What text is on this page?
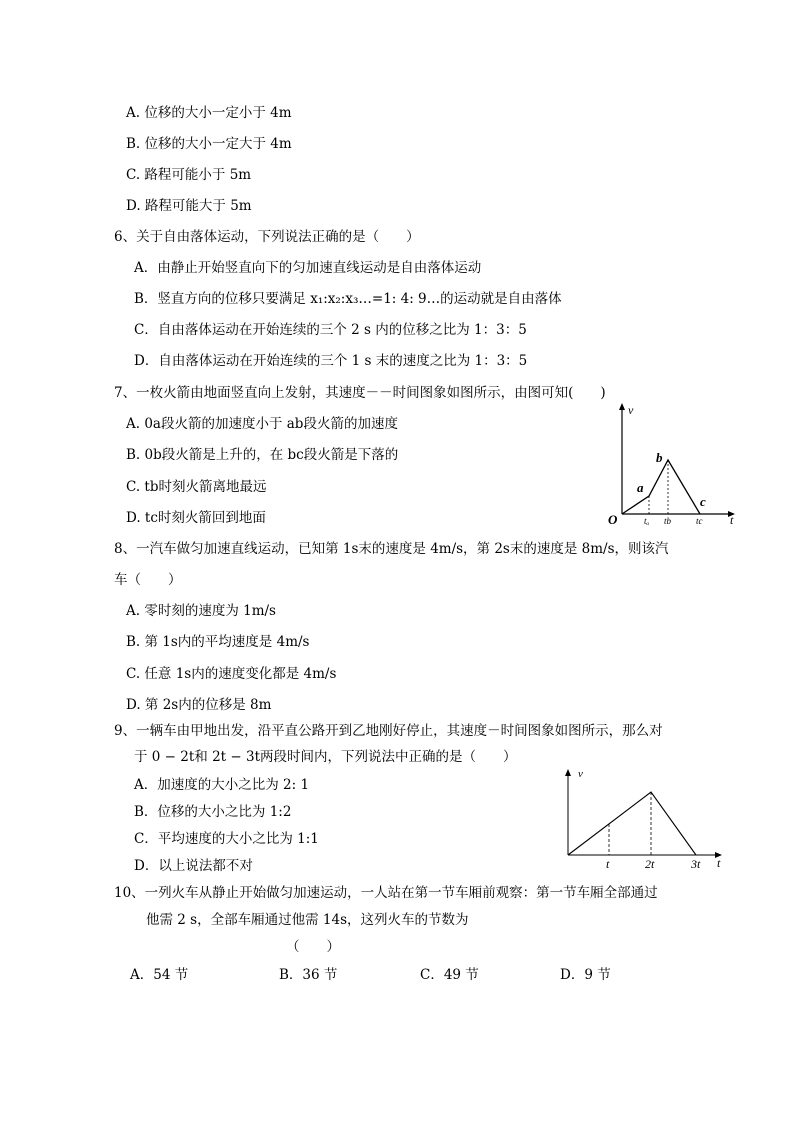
A. 位移的大小一定小于 4m
B. 位移的大小一定大于 4m
C. 路程可能小于 5m
D. 路程可能大于 5m
6、关于自由落体运动，下列说法正确的是（　　）
A．由静止开始竖直向下的匀加速直线运动是自由落体运动
B．竖直方向的位移只要满足 x₁:x₂:x₃…=1: 4: 9…的运动就是自由落体
C．自由落体运动在开始连续的三个 2 s 内的位移之比为 1：3：5
D．自由落体运动在开始连续的三个 1 s 末的速度之比为 1：3：5
7、一枚火箭由地面竖直向上发射，其速度－－时间图象如图所示，由图可知(　　)
A. 0a段火箭的加速度小于 ab段火箭的加速度
B. 0b段火箭是上升的，在 bc段火箭是下落的
C. tb时刻火箭离地最远
D. tc时刻火箭回到地面
v
t
O
a
b
c
tₐ tb	tc
8、一汽车做匀加速直线运动，已知第 1s末的速度是 4m/s，第 2s末的速度是 8m/s，则该汽
车（　　）
A. 零时刻的速度为 1m/s
B. 第 1s内的平均速度是 4m/s
C. 任意 1s内的速度变化都是 4m/s
D. 第 2s内的位移是 8m
9、一辆车由甲地出发，沿平直公路开到乙地刚好停止，其速度－时间图象如图所示，那么对
于 0 − 2t和 2t − 3t两段时间内，下列说法中正确的是（　　）
A．加速度的大小之比为 2: 1
B．位移的大小之比为 1:2
C．平均速度的大小之比为 1:1
D．以上说法都不对
v
t
t	2t	3t
10、一列火车从静止开始做匀加速运动，一人站在第一节车厢前观察：第一节车厢全部通过
他需 2 s，全部车厢通过他需 14s，这列火车的节数为
（　　）
A．54 节	B．36 节	C．49 节	D．9 节
